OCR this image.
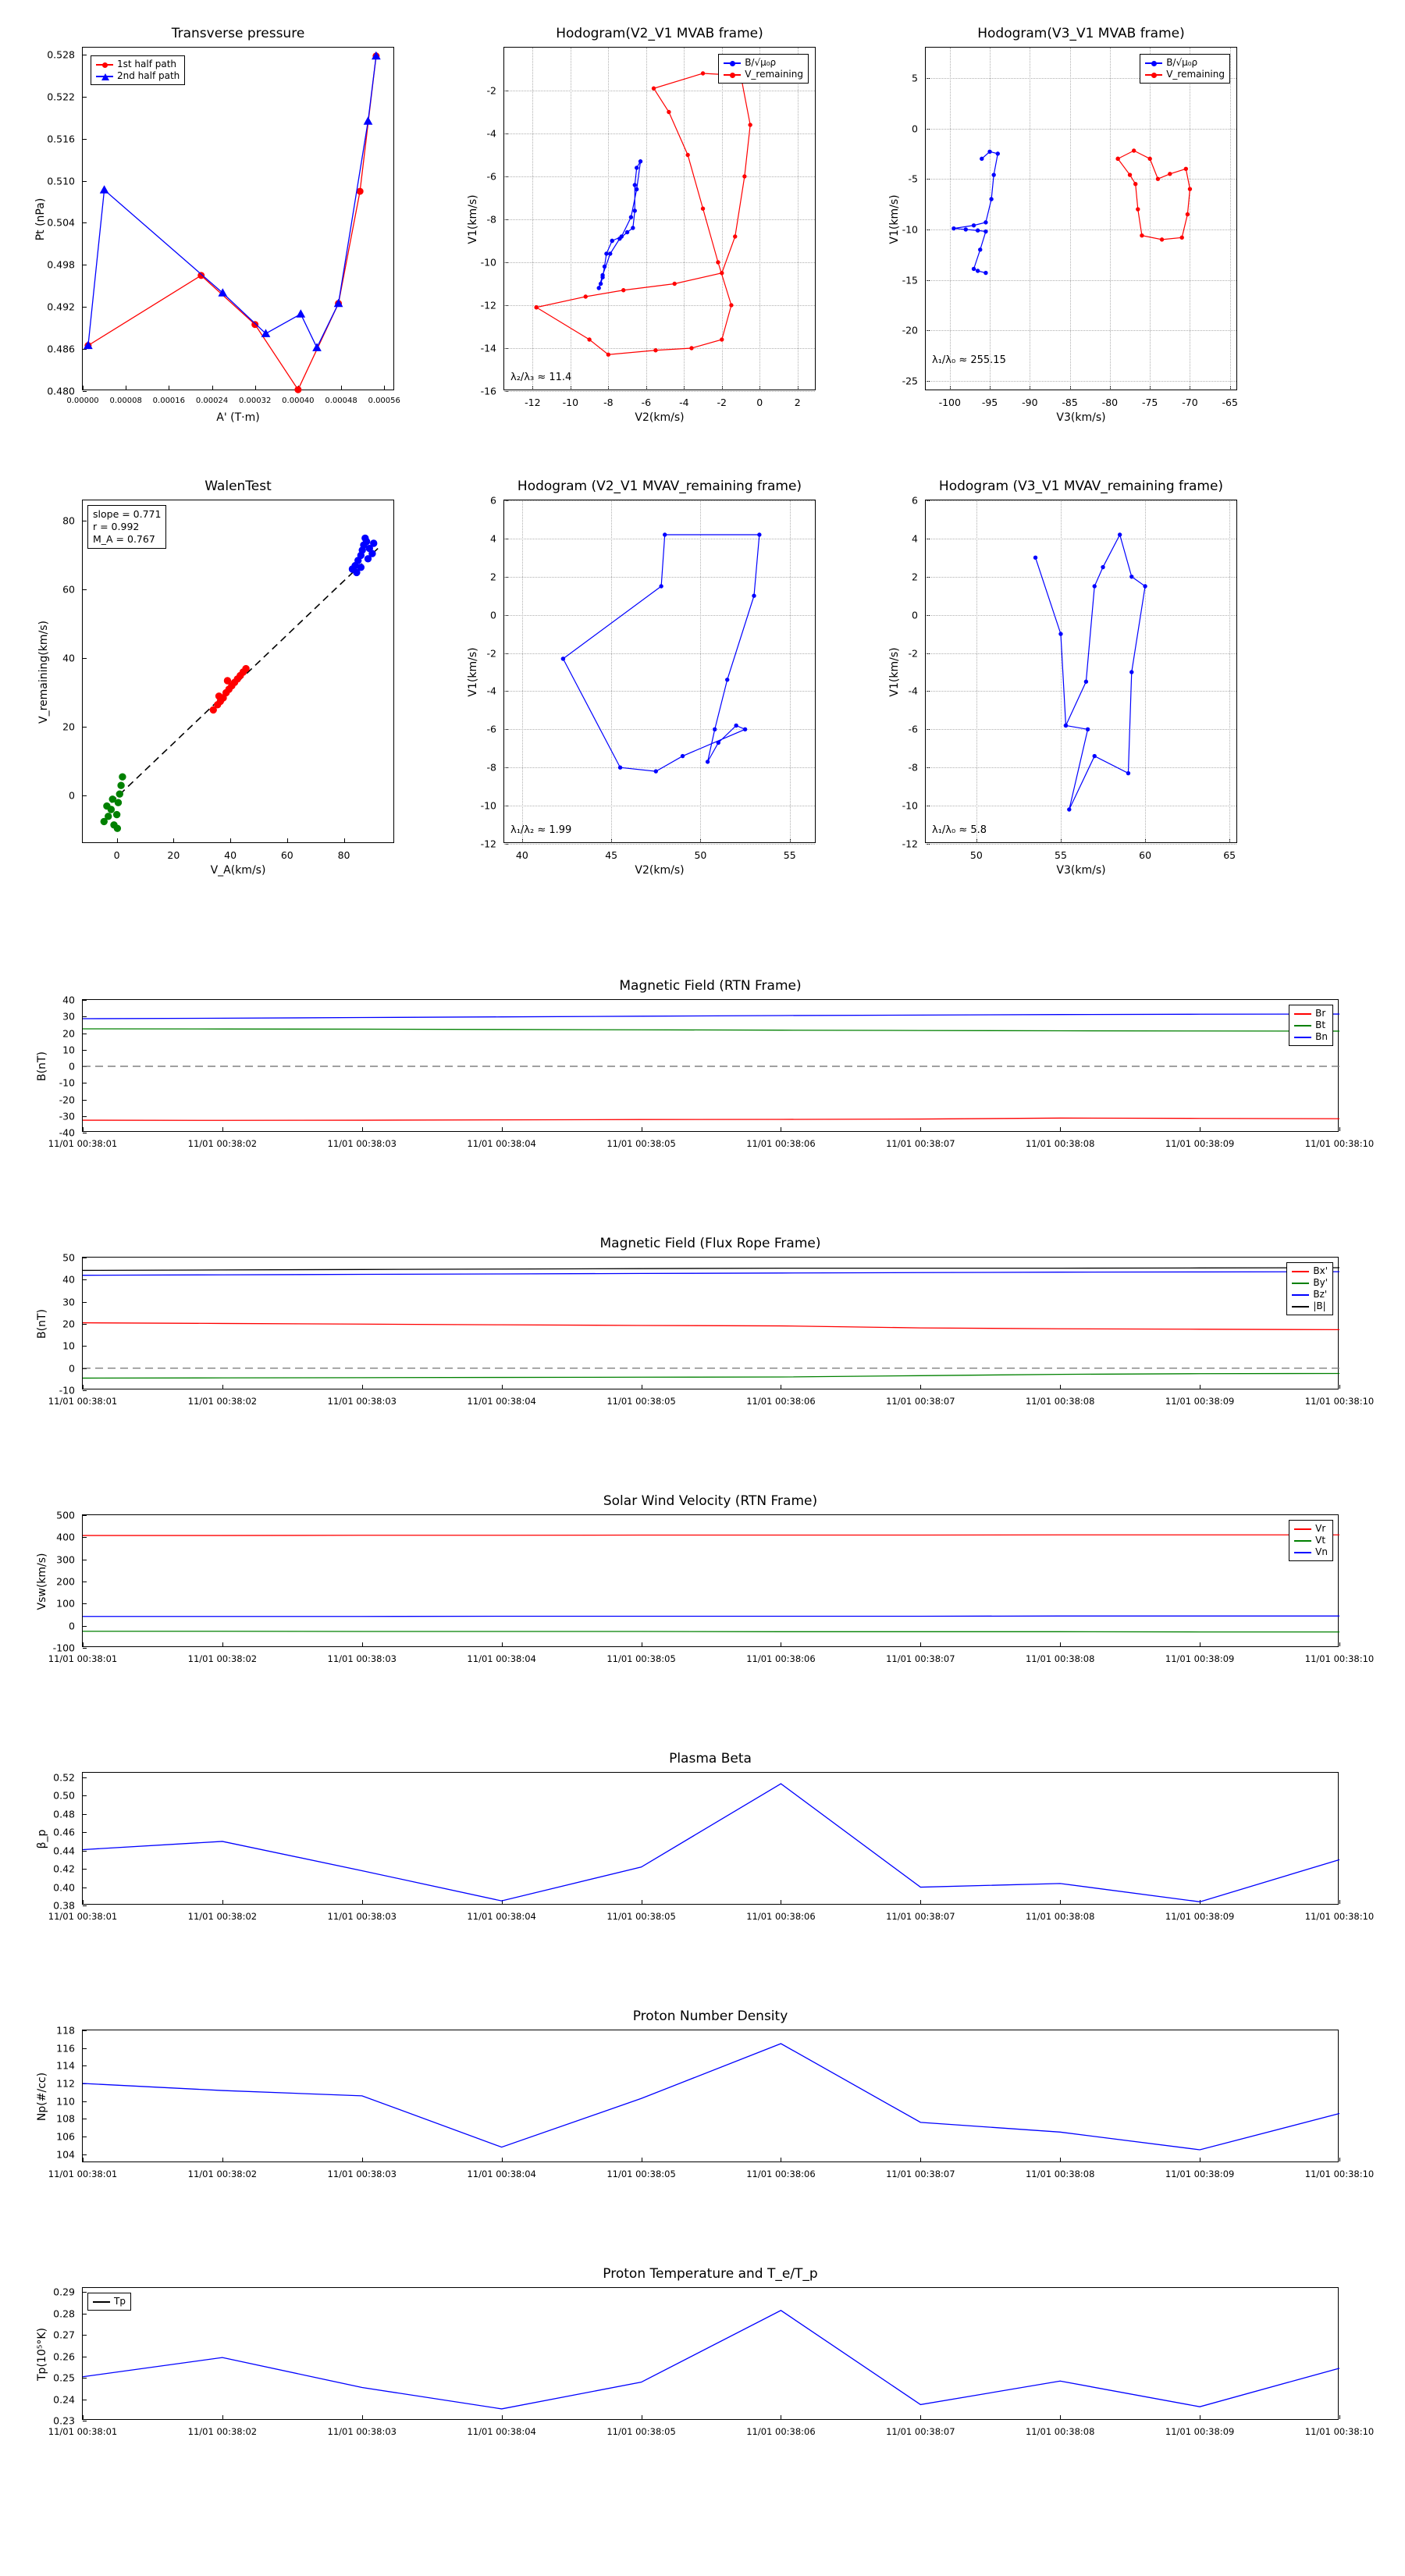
Transverse pressure
A' (T·m)
Pt (nPa)
0.480
0.486
0.492
0.498
0.504
0.510
0.516
0.522
0.528
0.00000 0.00008 0.00016 0.00024 0.00032 0.00040 0.00048 0.00056
1st half path
2nd half path
Hodogram(V2_V1 MVAB frame)
V2(km/s)
V1(km/s)
-16
-14
-12
-10
-8
-6
-4
-2
-12 -10	-8	-6	-4	-2	0	2
B/√μ₀ρ
V_remaining
λ₂/λ₃ ≈ 11.4
Hodogram(V3_V1 MVAB frame)
V3(km/s)
V1(km/s)
-25
-20
-15
-10
-5
0
5
-100 -95 -90 -85 -80 -75 -70 -65
B/√μ₀ρ
V_remaining
λ₁/λ₀ ≈ 255.15
WalenTest
V_A(km/s)
V_remaining(km/s)
0
20
40
60
80
0	20	40	60	80
slope = 0.771
r = 0.992
M_A = 0.767
Hodogram (V2_V1 MVAV_remaining frame)
V2(km/s)
V1(km/s)
-12
-10
-8
-6
-4
-2
0
2
4
6
40	45	50	55
λ₁/λ₂ ≈ 1.99
Hodogram (V3_V1 MVAV_remaining frame)
V3(km/s)
V1(km/s)
-12
-10
-8
-6
-4
-2
0
2
4
6
50	55	60	65
λ₁/λ₀ ≈ 5.8
Magnetic Field (RTN Frame)
B(nT)
-40
-30
-20
-10
0
10
20
30
40
11/01 00:38:01	11/01 00:38:02	11/01 00:38:03	11/01 00:38:04	11/01 00:38:05	11/01 00:38:06	11/01 00:38:07	11/01 00:38:08	11/01 00:38:09	11/01 00:38:10
Br
Bt
Bn
Magnetic Field (Flux Rope Frame)
B(nT)
-10
0
10
20
30
40
50
11/01 00:38:01	11/01 00:38:02	11/01 00:38:03	11/01 00:38:04	11/01 00:38:05	11/01 00:38:06	11/01 00:38:07	11/01 00:38:08	11/01 00:38:09	11/01 00:38:10
Bx'
By'
Bz'
|B|
Solar Wind Velocity (RTN Frame)
Vsw(km/s)
-100
0
100
200
300
400
500
11/01 00:38:01	11/01 00:38:02	11/01 00:38:03	11/01 00:38:04	11/01 00:38:05	11/01 00:38:06	11/01 00:38:07	11/01 00:38:08	11/01 00:38:09	11/01 00:38:10
Vr
Vt
Vn
Plasma Beta
β_p
0.38
0.40
0.42
0.44
0.46
0.48
0.50
0.52
11/01 00:38:01	11/01 00:38:02	11/01 00:38:03	11/01 00:38:04	11/01 00:38:05	11/01 00:38:06	11/01 00:38:07	11/01 00:38:08	11/01 00:38:09	11/01 00:38:10
Proton Number Density
Np(#/cc)
104
106
108
110
112
114
116
118
11/01 00:38:01	11/01 00:38:02	11/01 00:38:03	11/01 00:38:04	11/01 00:38:05	11/01 00:38:06	11/01 00:38:07	11/01 00:38:08	11/01 00:38:09	11/01 00:38:10
Proton Temperature and T_e/T_p
Tp(10⁵°K)
0.23
0.24
0.25
0.26
0.27
0.28
0.29
11/01 00:38:01	11/01 00:38:02	11/01 00:38:03	11/01 00:38:04	11/01 00:38:05	11/01 00:38:06	11/01 00:38:07	11/01 00:38:08	11/01 00:38:09	11/01 00:38:10
Tp
